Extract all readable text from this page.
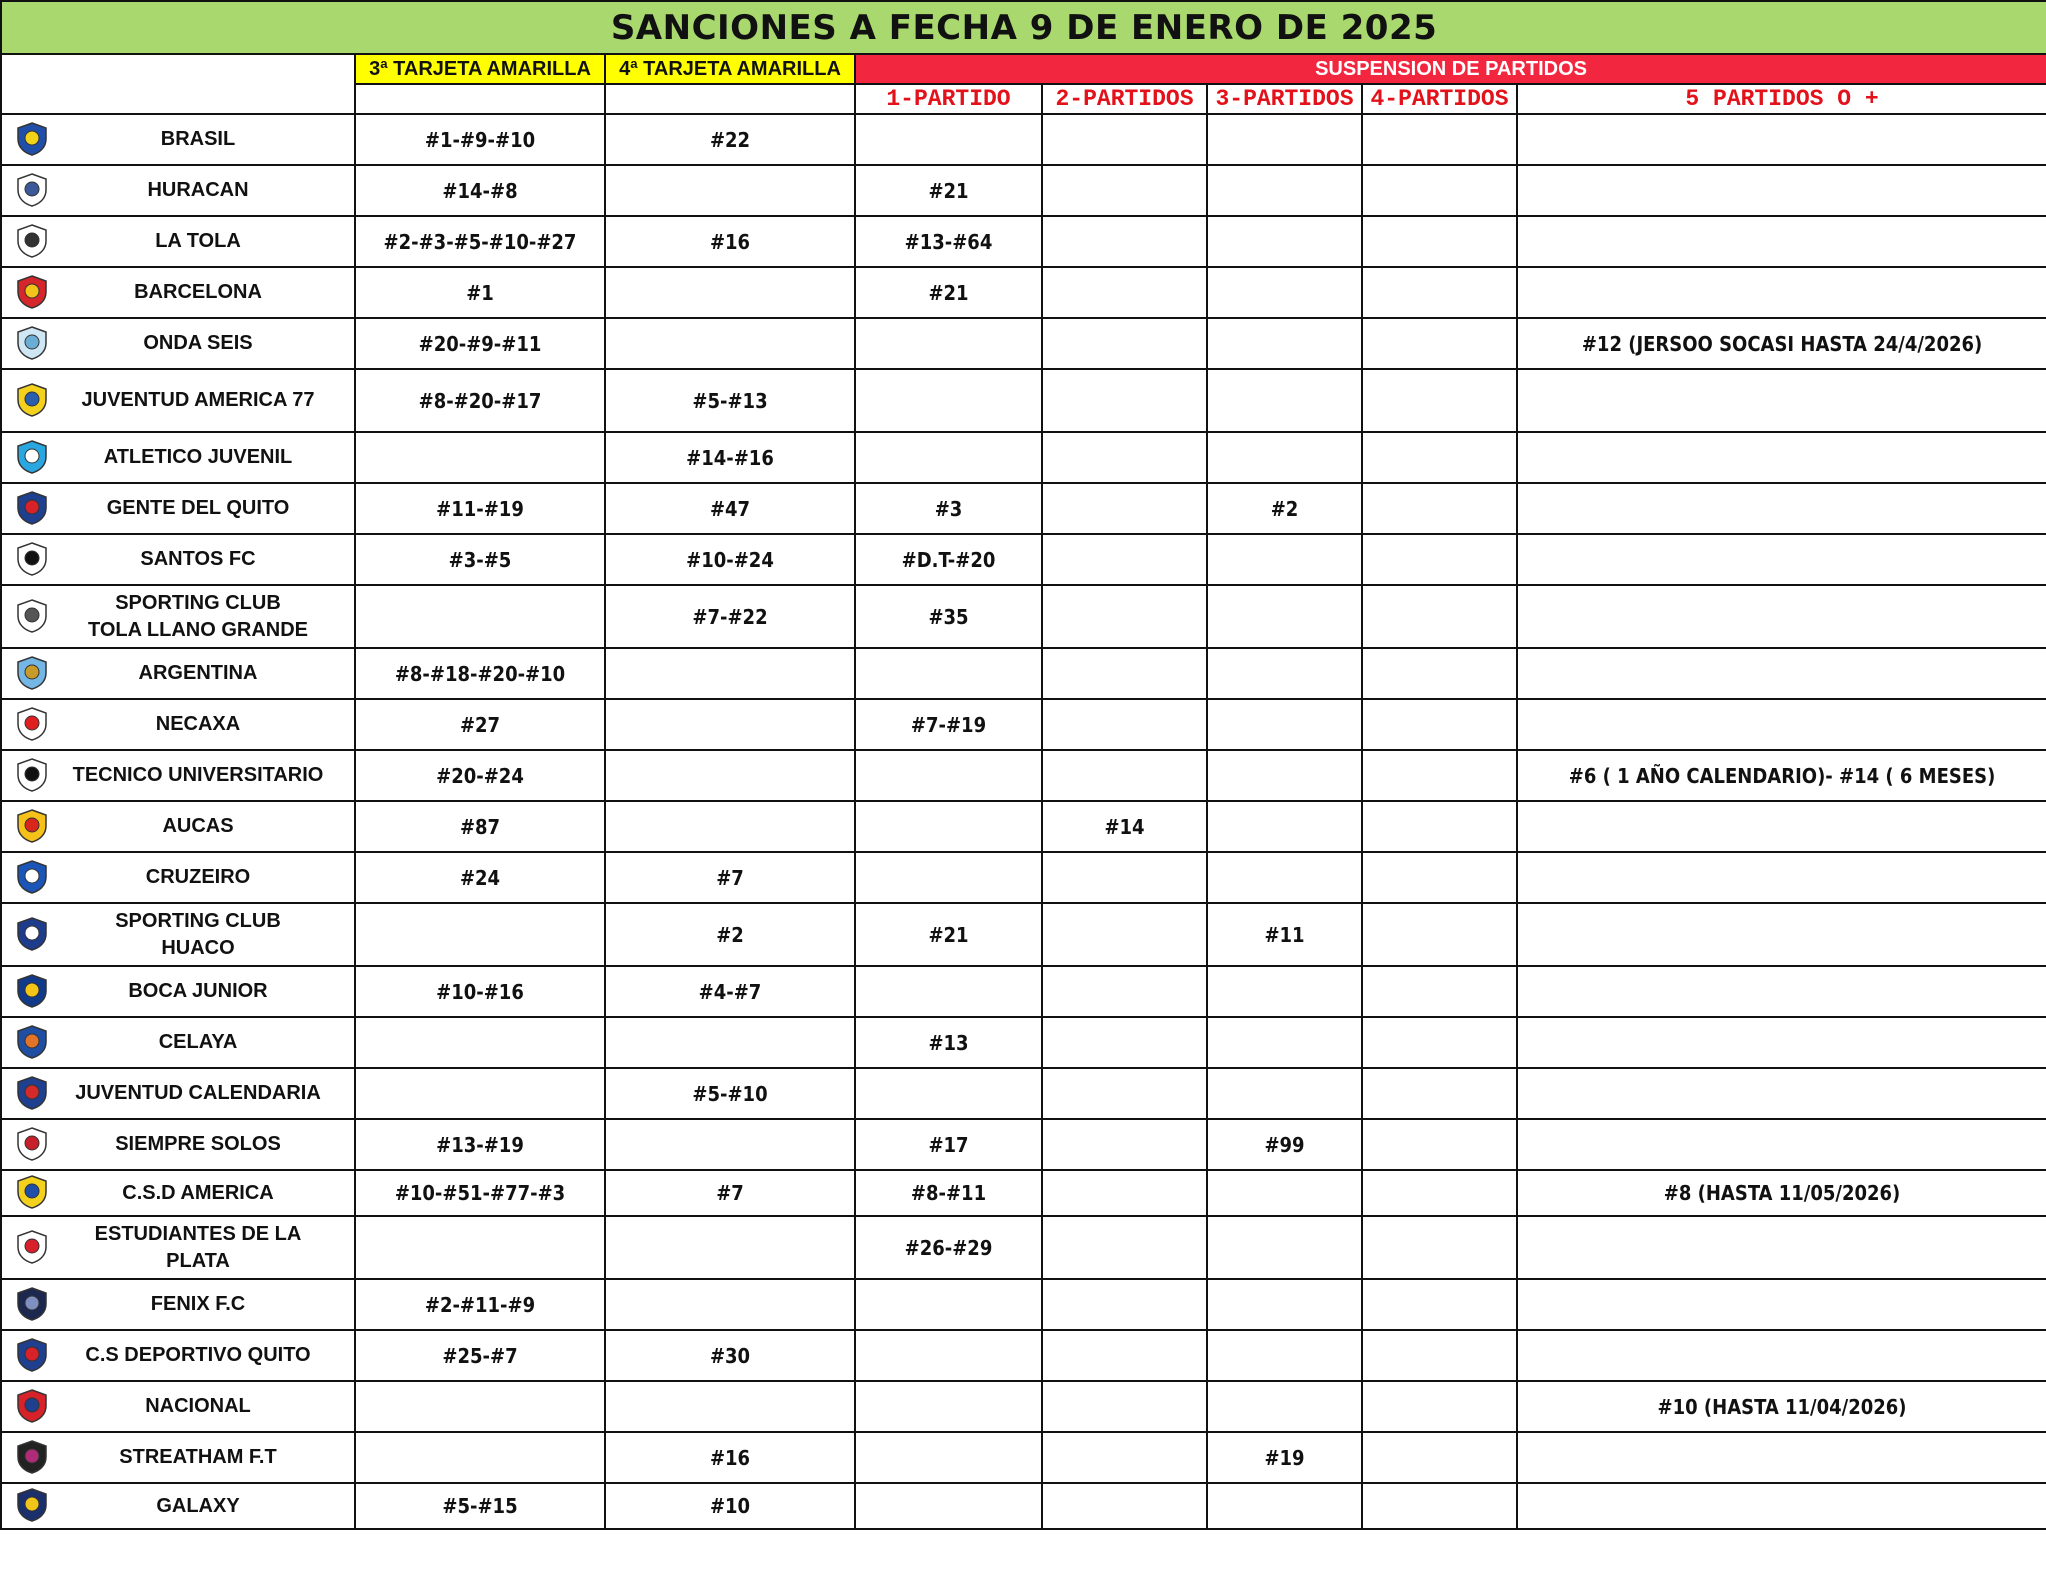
SANCIONES A FECHA 9 DE ENERO DE 2025							
	3ª TARJETA AMARILLA	4ª TARJETA AMARILLA	SUSPENSION DE PARTIDOS				
			1-PARTIDO	2-PARTIDOS	3-PARTIDOS	4-PARTIDOS	5 PARTIDOS O +

BRASIL	#1-#9-#10	#22					

HURACAN	#14-#8		#21				

LA TOLA	#2-#3-#5-#10-#27	#16	#13-#64				

BARCELONA	#1		#21				

ONDA SEIS	#20-#9-#11						#12 (JERSOO SOCASI HASTA 24/4/2026)

JUVENTUD AMERICA 77	#8-#20-#17	#5-#13					

ATLETICO JUVENIL		#14-#16					

GENTE DEL QUITO	#11-#19	#47	#3		#2		

SANTOS FC	#3-#5	#10-#24	#D.T-#20				

SPORTING CLUB
TOLA LLANO GRANDE		#7-#22	#35				

ARGENTINA	#8-#18-#20-#10						

NECAXA	#27		#7-#19				

TECNICO UNIVERSITARIO	#20-#24						#6 ( 1 AÑO CALENDARIO)- #14 ( 6 MESES)

AUCAS	#87			#14			

CRUZEIRO	#24	#7					

SPORTING CLUB
HUACO		#2	#21		#11		

BOCA JUNIOR	#10-#16	#4-#7					

CELAYA			#13				

JUVENTUD CALENDARIA		#5-#10					

SIEMPRE SOLOS	#13-#19		#17		#99		

C.S.D AMERICA	#10-#51-#77-#3	#7	#8-#11				#8 (HASTA 11/05/2026)

ESTUDIANTES DE LA
PLATA			#26-#29				

FENIX F.C	#2-#11-#9						

C.S DEPORTIVO QUITO	#25-#7	#30					

NACIONAL							#10 (HASTA 11/04/2026)

STREATHAM F.T		#16			#19		

GALAXY	#5-#15	#10					
